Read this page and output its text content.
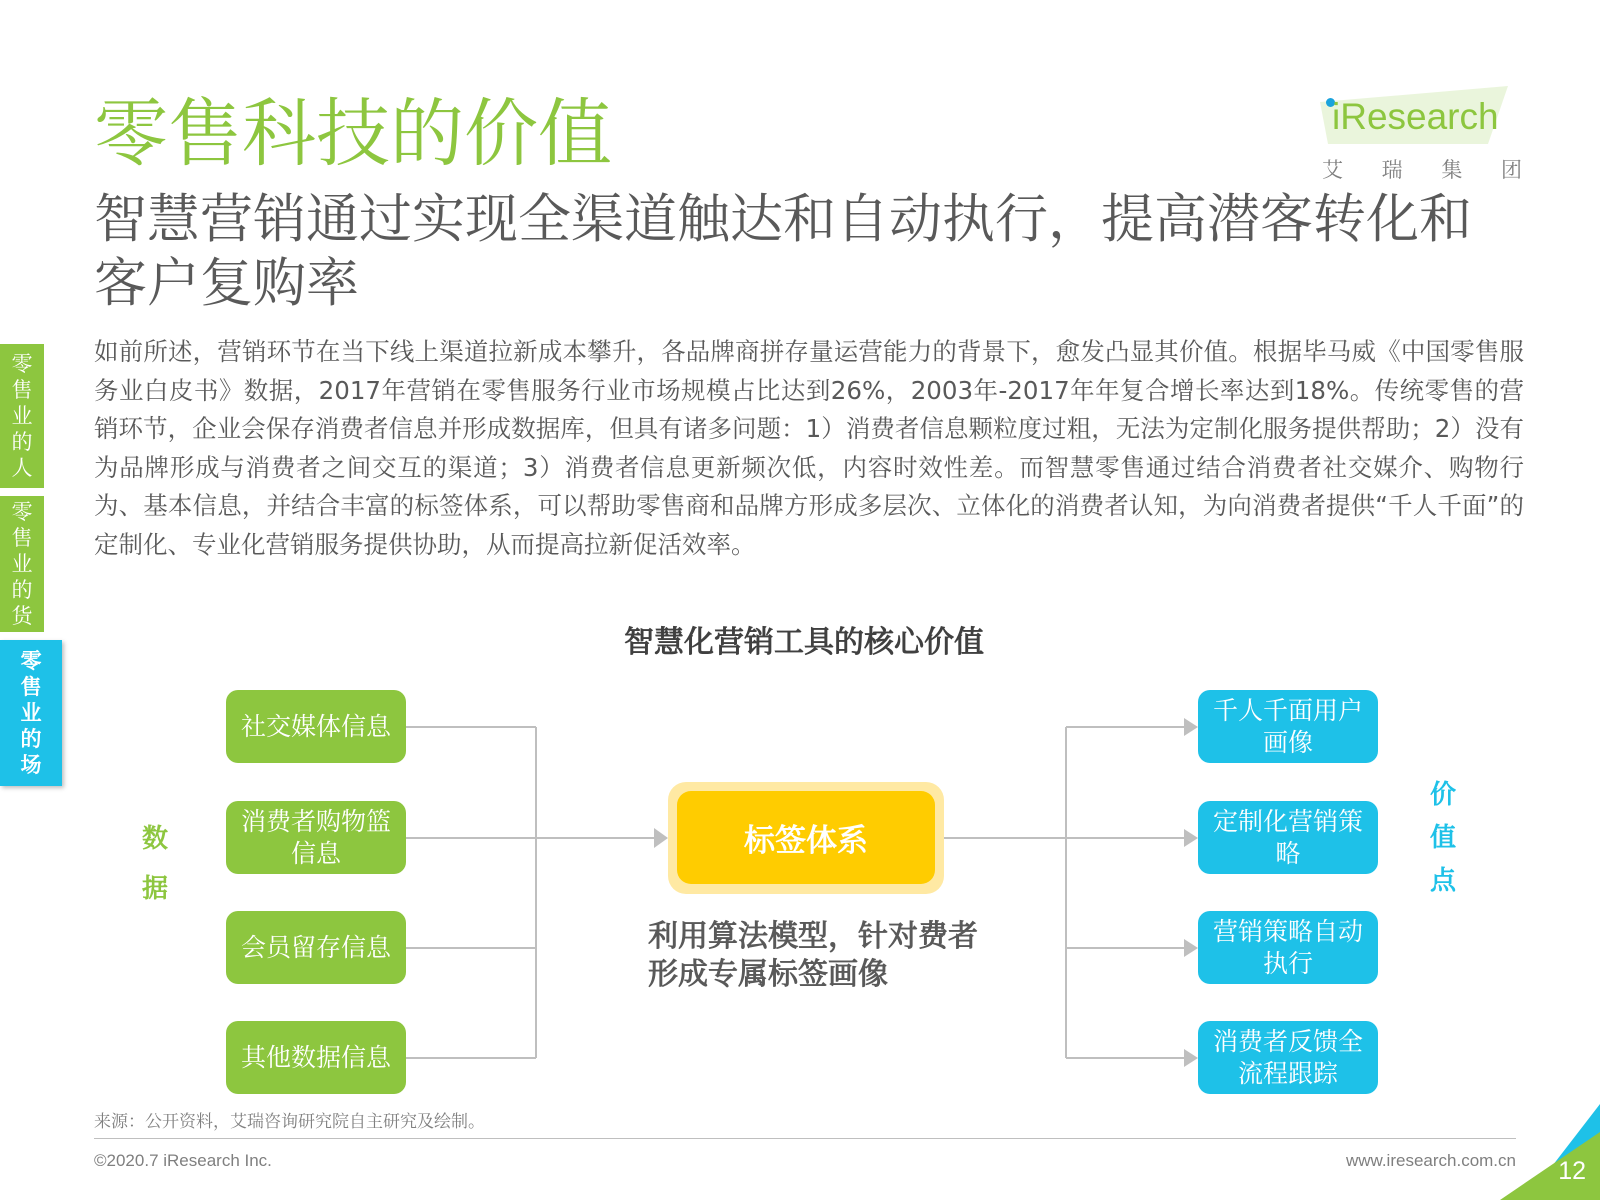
零售科技的价值
智慧营销通过实现全渠道触达和自动执行，提高潜客转化和客户复购率
iResearch
艾 瑞 集 团
零
售
业
的
人
零
售
业
的
货
零
售
业
的
场
如前所述，营销环节在当下线上渠道拉新成本攀升，各品牌商拼存量运营能力的背景下，愈发凸显其价值。根据毕马威《中国零售服务业白皮书》数据，2017年营销在零售服务行业市场规模占比达到26%，2003年-2017年年复合增长率达到18%。传统零售的营销环节，企业会保存消费者信息并形成数据库，但具有诸多问题：1）消费者信息颗粒度过粗，无法为定制化服务提供帮助；2）没有为品牌形成与消费者之间交互的渠道；3）消费者信息更新频次低，内容时效性差。而智慧零售通过结合消费者社交媒介、购物行为、基本信息，并结合丰富的标签体系，可以帮助零售商和品牌方形成多层次、立体化的消费者认知，为向消费者提供“千人千面”的定制化、专业化营销服务提供协助，从而提高拉新促活效率。
智慧化营销工具的核心价值
数
据
价
值
点
社交媒体信息
消费者购物篮信息
会员留存信息
其他数据信息
标签体系
利用算法模型，针对费者形成专属标签画像
千人千面用户画像
定制化营销策略
营销策略自动执行
消费者反馈全流程跟踪
来源：公开资料，艾瑞咨询研究院自主研究及绘制。
©2020.7 iResearch Inc.	www.iresearch.com.cn 12
